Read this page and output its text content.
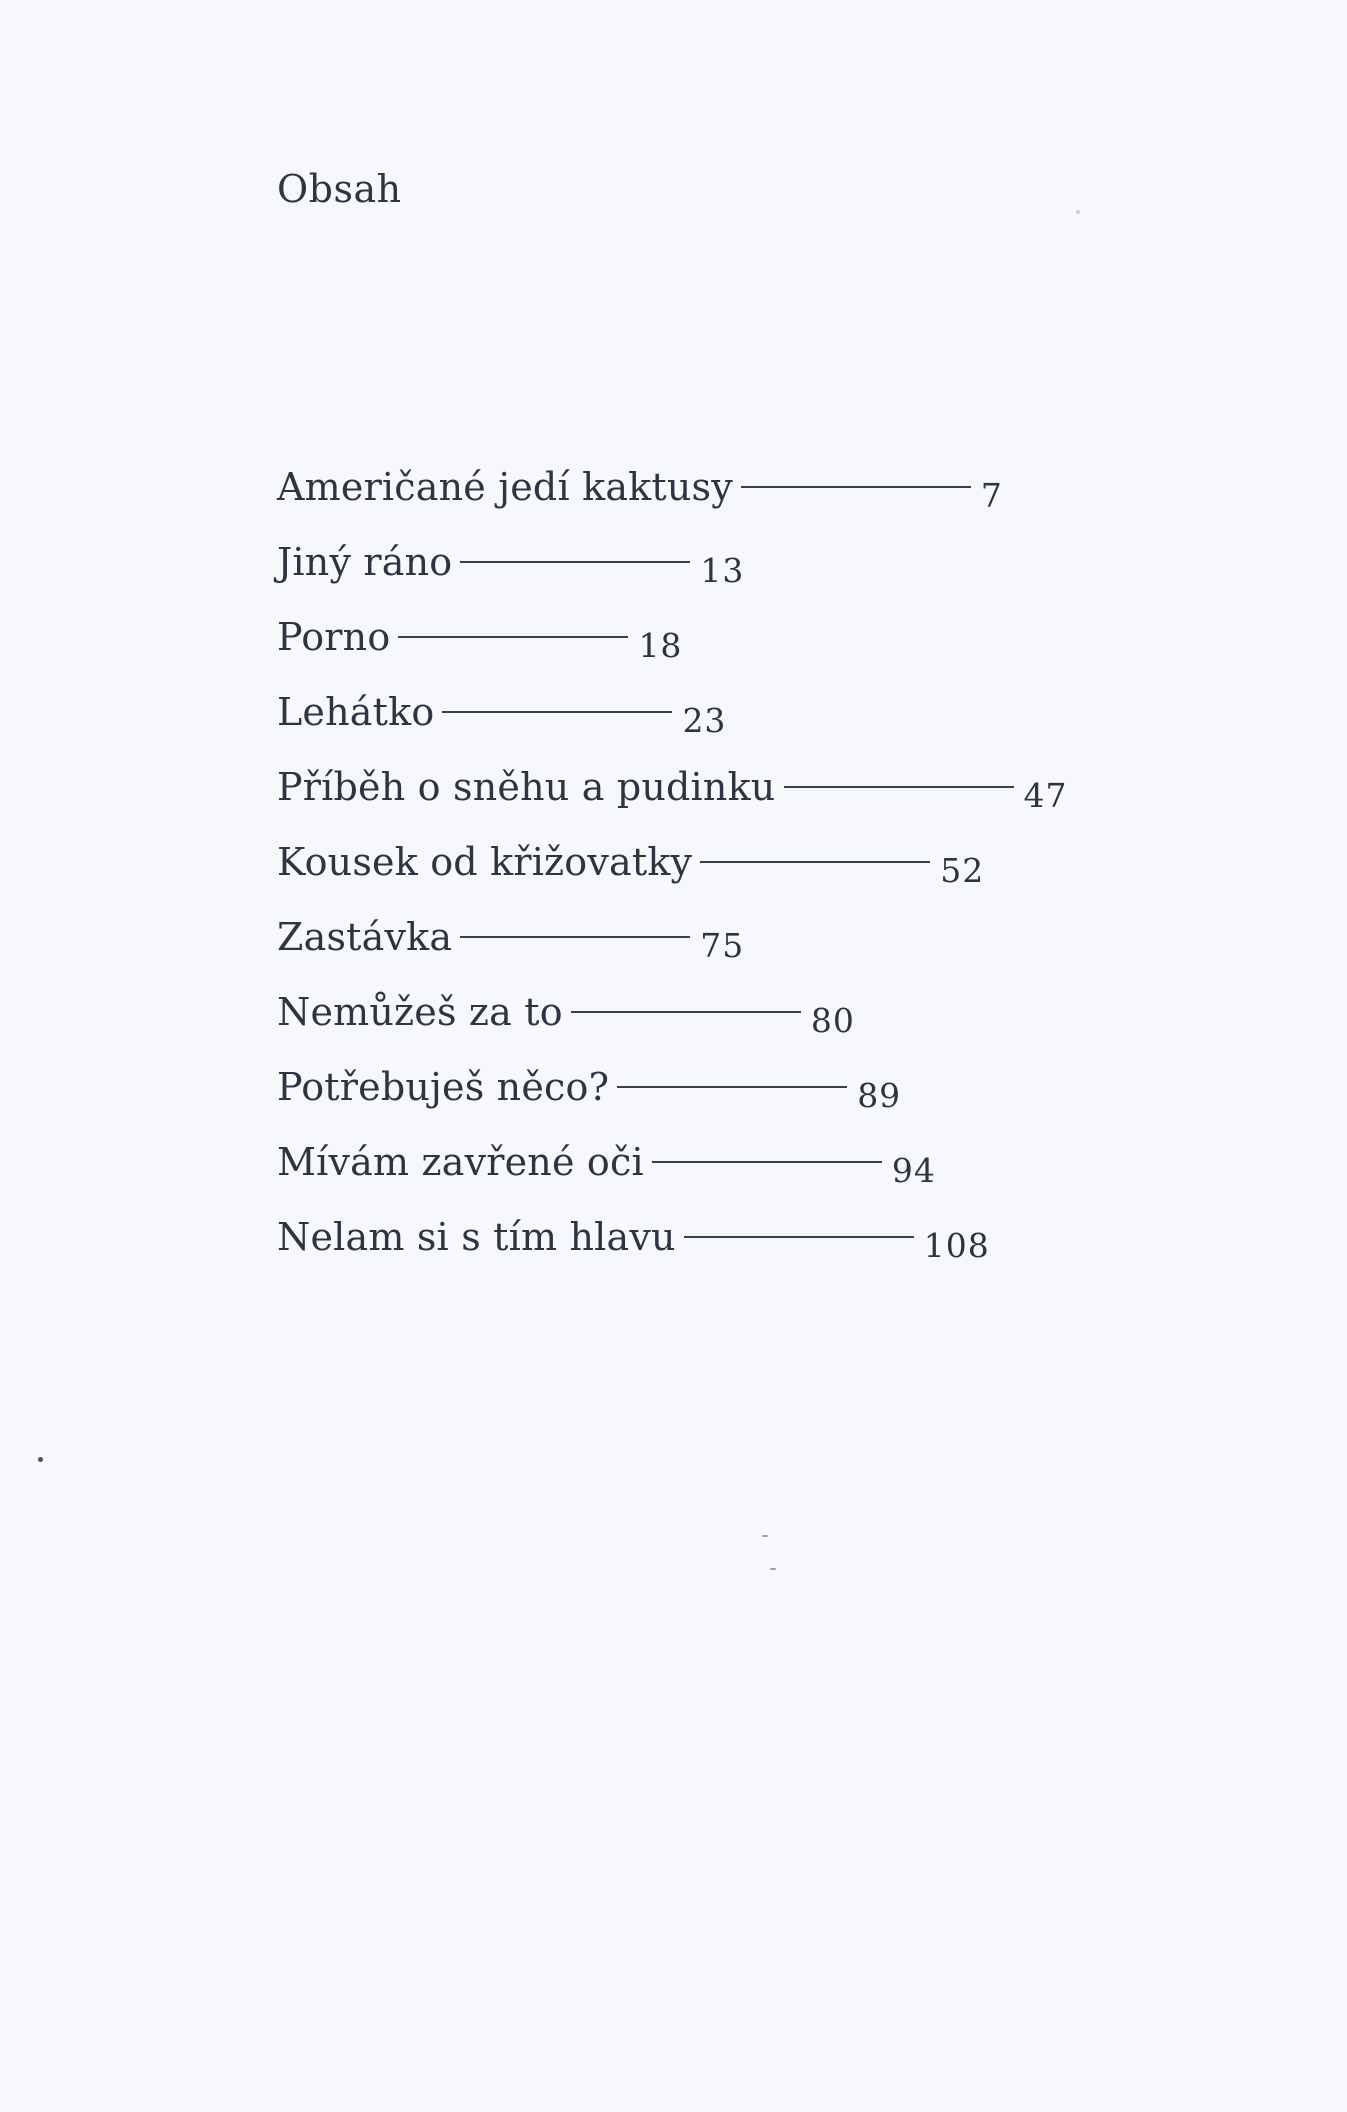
Obsah
Američané jedí kaktusy	7
Jiný ráno	13
Porno	18
Lehátko	23
Příběh o sněhu a pudinku	47
Kousek od křižovatky	52
Zastávka	75
Nemůžeš za to	80
Potřebuješ něco?	89
Mívám zavřené oči	94
Nelam si s tím hlavu	108
